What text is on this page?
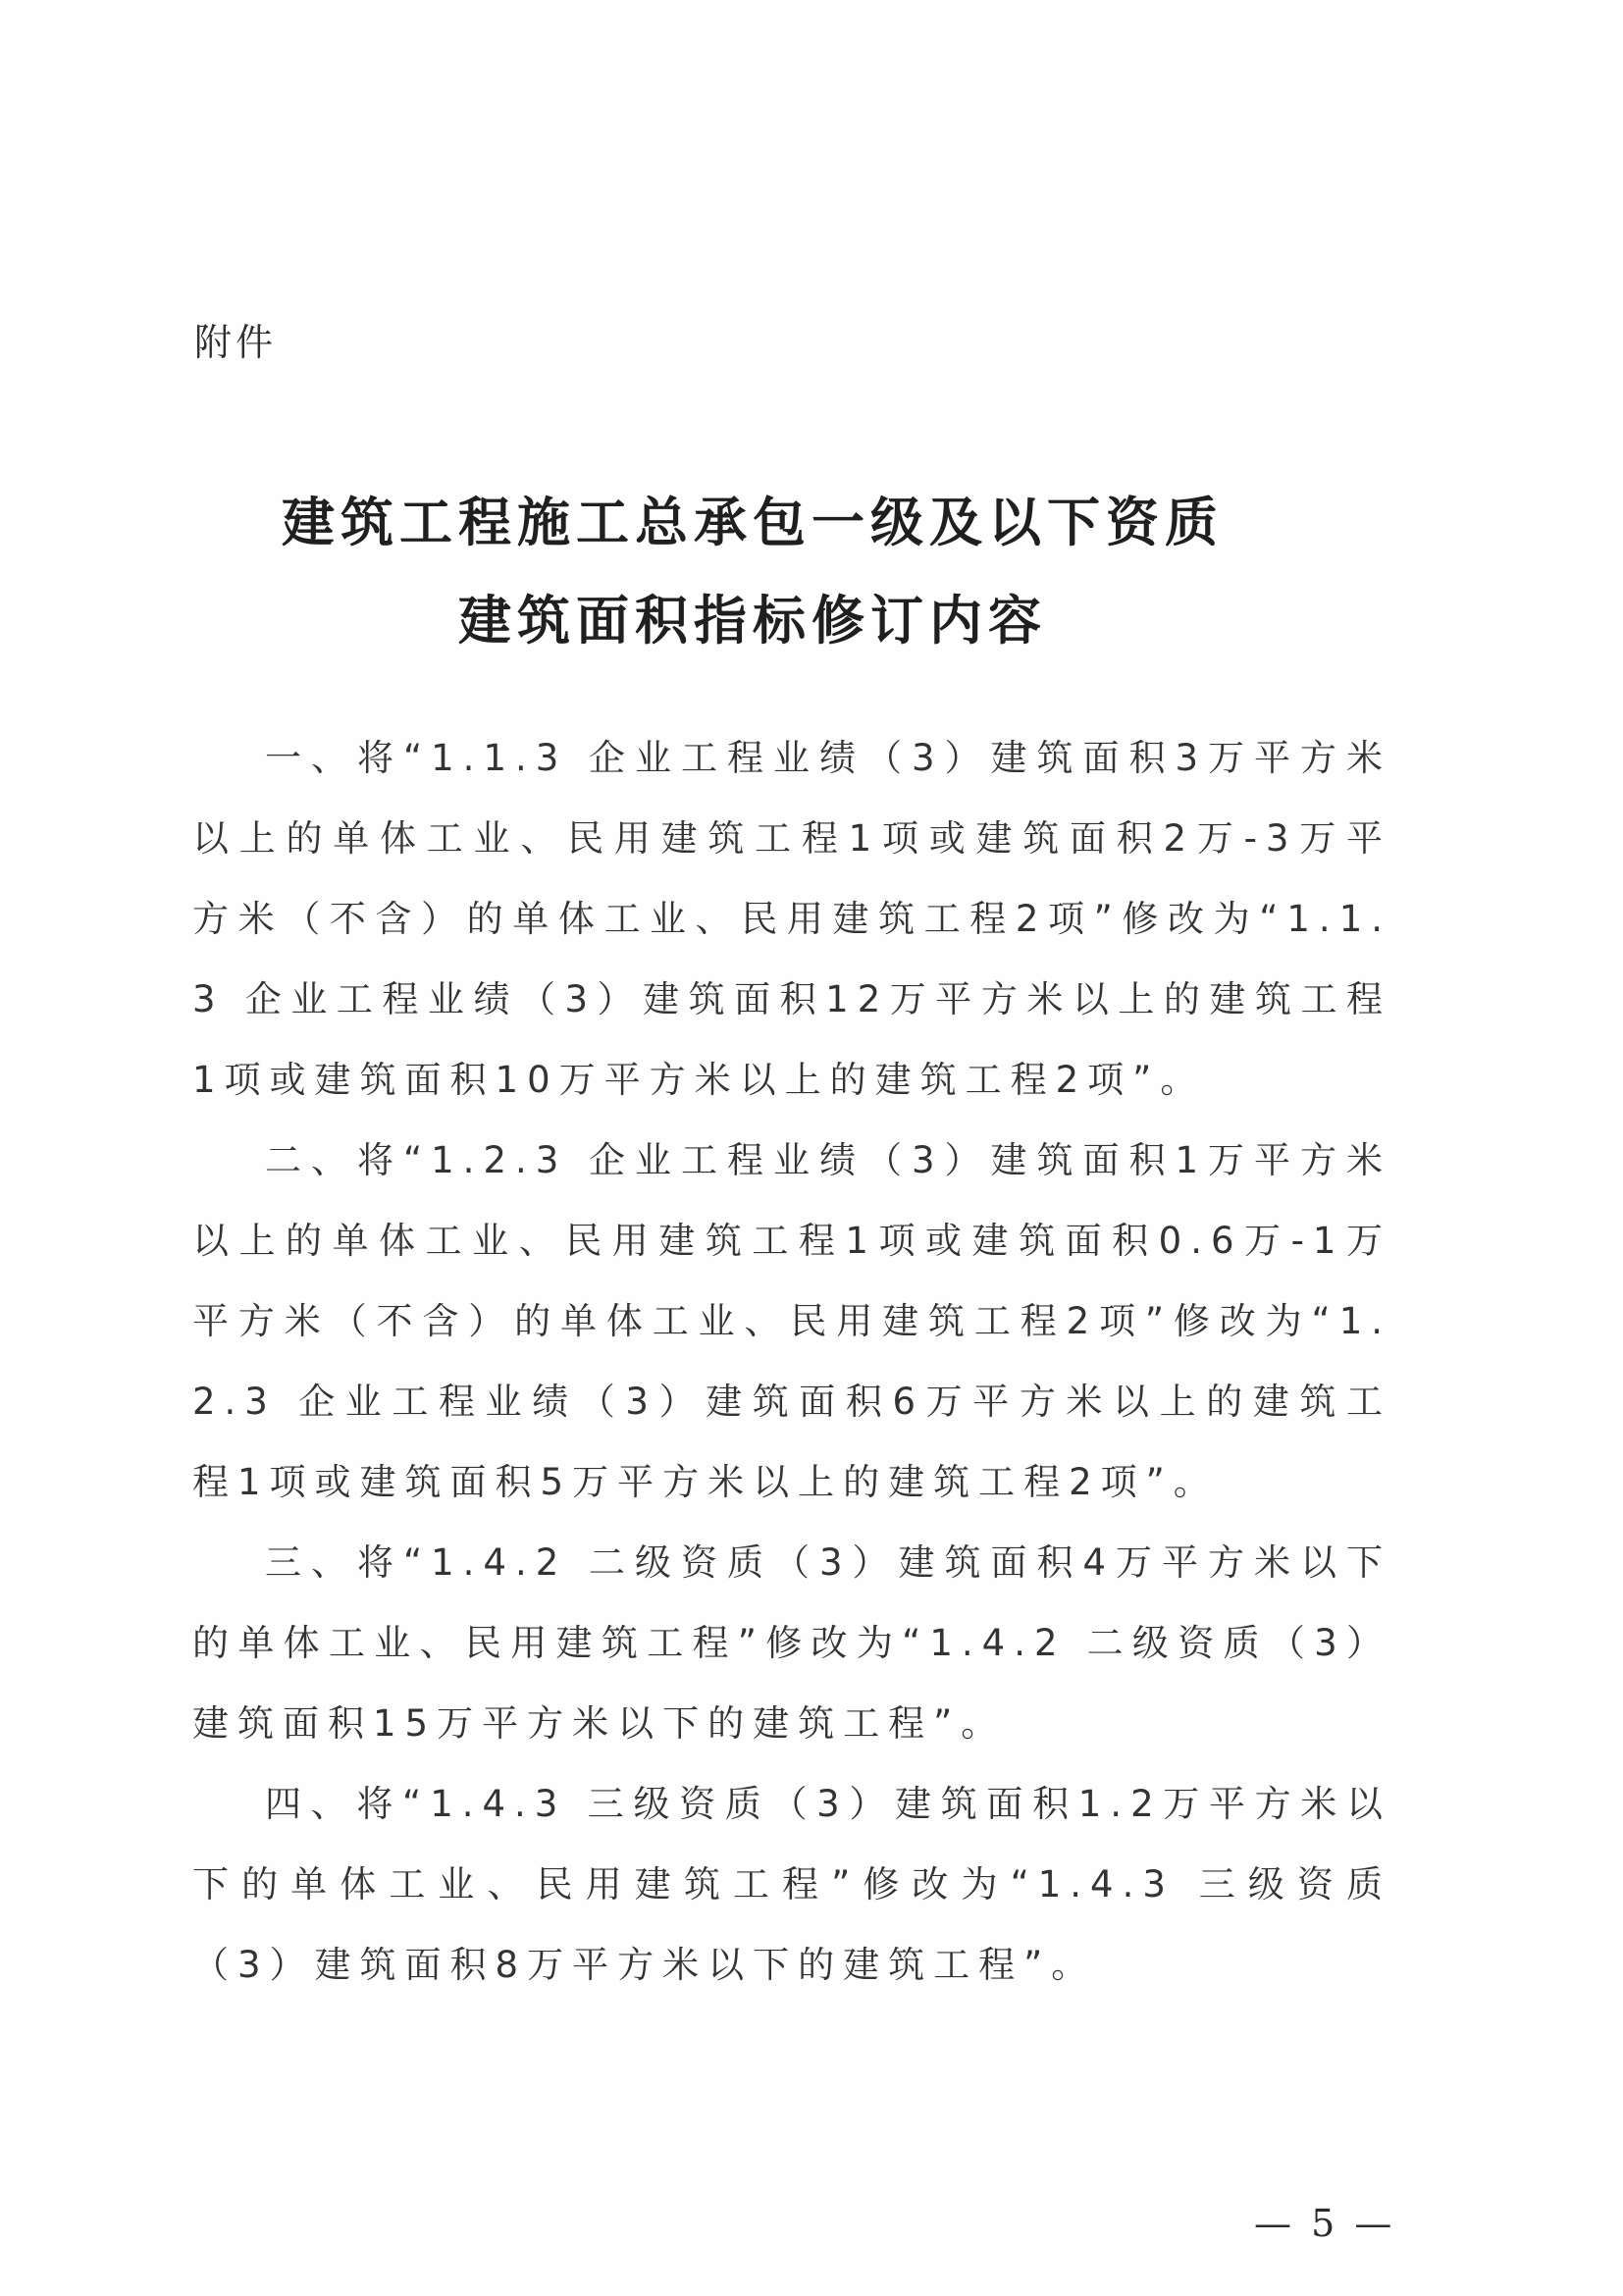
附件
建筑工程施工总承包一级及以下资质
建筑面积指标修订内容

一、将“1.1.3 企业工程业绩（3）建筑面积3万平方米以上的单体工业、民用建筑工程1项或建筑面积2万-3万平方米（不含）的单体工业、民用建筑工程2项”修改为“1.1.3 企业工程业绩（3）建筑面积12万平方米以上的建筑工程1项或建筑面积10万平方米以上的建筑工程2项”。

二、将“1.2.3 企业工程业绩（3）建筑面积1万平方米以上的单体工业、民用建筑工程1项或建筑面积0.6万-1万平方米（不含）的单体工业、民用建筑工程2项”修改为“1.2.3 企业工程业绩（3）建筑面积6万平方米以上的建筑工程1项或建筑面积5万平方米以上的建筑工程2项”。

三、将“1.4.2 二级资质（3）建筑面积4万平方米以下的单体工业、民用建筑工程”修改为“1.4.2 二级资质（3）建筑面积15万平方米以下的建筑工程”。

四、将“1.4.3 三级资质（3）建筑面积1.2万平方米以下的单体工业、民用建筑工程”修改为“1.4.3 三级资质（3）建筑面积8万平方米以下的建筑工程”。

— 5 —
